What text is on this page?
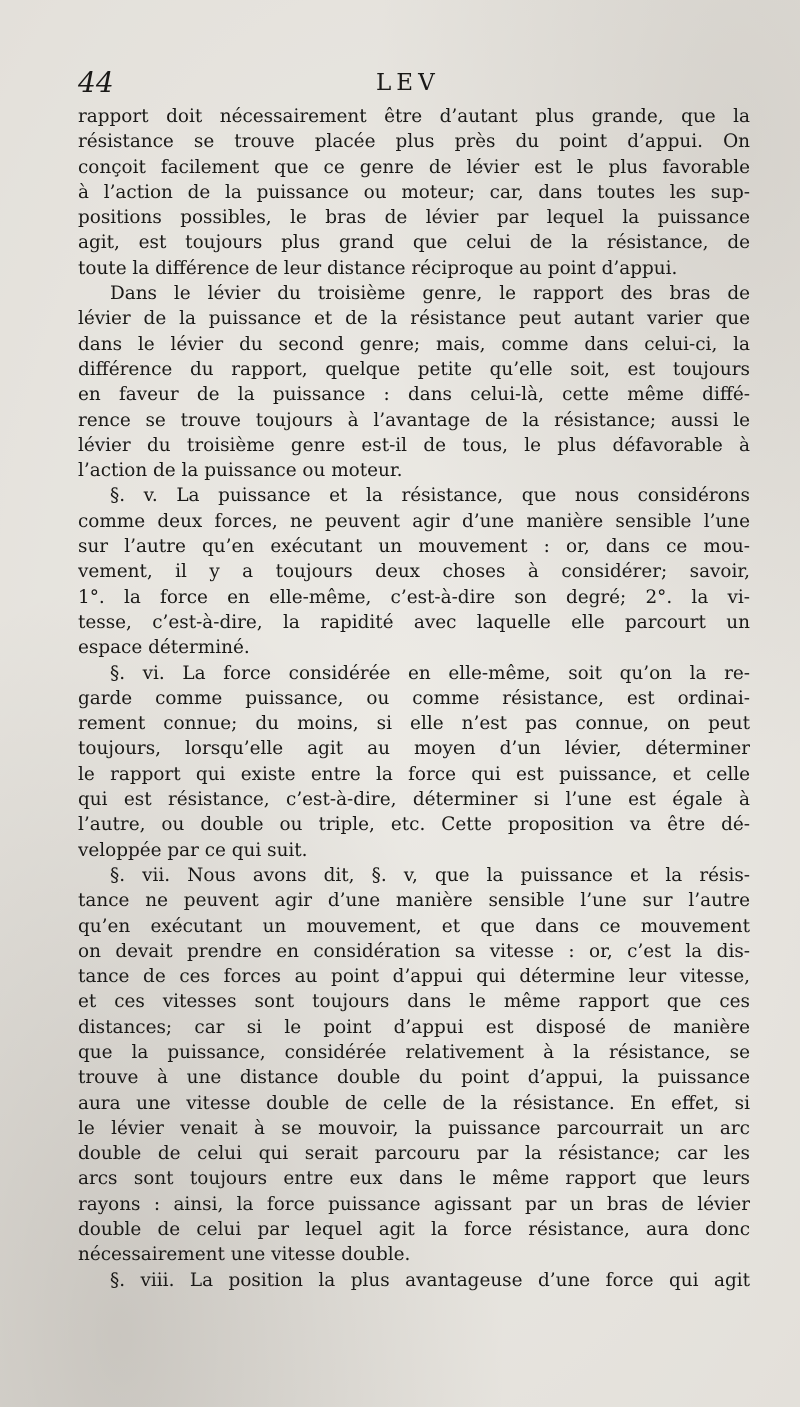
44	LEV
rapport doit nécessairement être d’autant plus grande, que la
résistance se trouve placée plus près du point d’appui. On
conçoit facilement que ce genre de lévier est le plus favorable
à l’action de la puissance ou moteur; car, dans toutes les sup-
positions possibles, le bras de lévier par lequel la puissance
agit, est toujours plus grand que celui de la résistance, de
toute la différence de leur distance réciproque au point d’appui.
Dans le lévier du troisième genre, le rapport des bras de
lévier de la puissance et de la résistance peut autant varier que
dans le lévier du second genre; mais, comme dans celui-ci, la
différence du rapport, quelque petite qu’elle soit, est toujours
en faveur de la puissance : dans celui-là, cette même diffé-
rence se trouve toujours à l’avantage de la résistance; aussi le
lévier du troisième genre est-il de tous, le plus défavorable à
l’action de la puissance ou moteur.
§. v. La puissance et la résistance, que nous considérons
comme deux forces, ne peuvent agir d’une manière sensible l’une
sur l’autre qu’en exécutant un mouvement : or, dans ce mou-
vement, il y a toujours deux choses à considérer; savoir,
1°. la force en elle-même, c’est-à-dire son degré; 2°. la vi-
tesse, c’est-à-dire, la rapidité avec laquelle elle parcourt un
espace déterminé.
§. vi. La force considérée en elle-même, soit qu’on la re-
garde comme puissance, ou comme résistance, est ordinai-
rement connue; du moins, si elle n’est pas connue, on peut
toujours, lorsqu’elle agit au moyen d’un lévier, déterminer
le rapport qui existe entre la force qui est puissance, et celle
qui est résistance, c’est-à-dire, déterminer si l’une est égale à
l’autre, ou double ou triple, etc. Cette proposition va être dé-
veloppée par ce qui suit.
§. vii. Nous avons dit, §. v, que la puissance et la résis-
tance ne peuvent agir d’une manière sensible l’une sur l’autre
qu’en exécutant un mouvement, et que dans ce mouvement
on devait prendre en considération sa vitesse : or, c’est la dis-
tance de ces forces au point d’appui qui détermine leur vitesse,
et ces vitesses sont toujours dans le même rapport que ces
distances; car si le point d’appui est disposé de manière
que la puissance, considérée relativement à la résistance, se
trouve à une distance double du point d’appui, la puissance
aura une vitesse double de celle de la résistance. En effet, si
le lévier venait à se mouvoir, la puissance parcourrait un arc
double de celui qui serait parcouru par la résistance; car les
arcs sont toujours entre eux dans le même rapport que leurs
rayons : ainsi, la force puissance agissant par un bras de lévier
double de celui par lequel agit la force résistance, aura donc
nécessairement une vitesse double.
§. viii. La position la plus avantageuse d’une force qui agit
